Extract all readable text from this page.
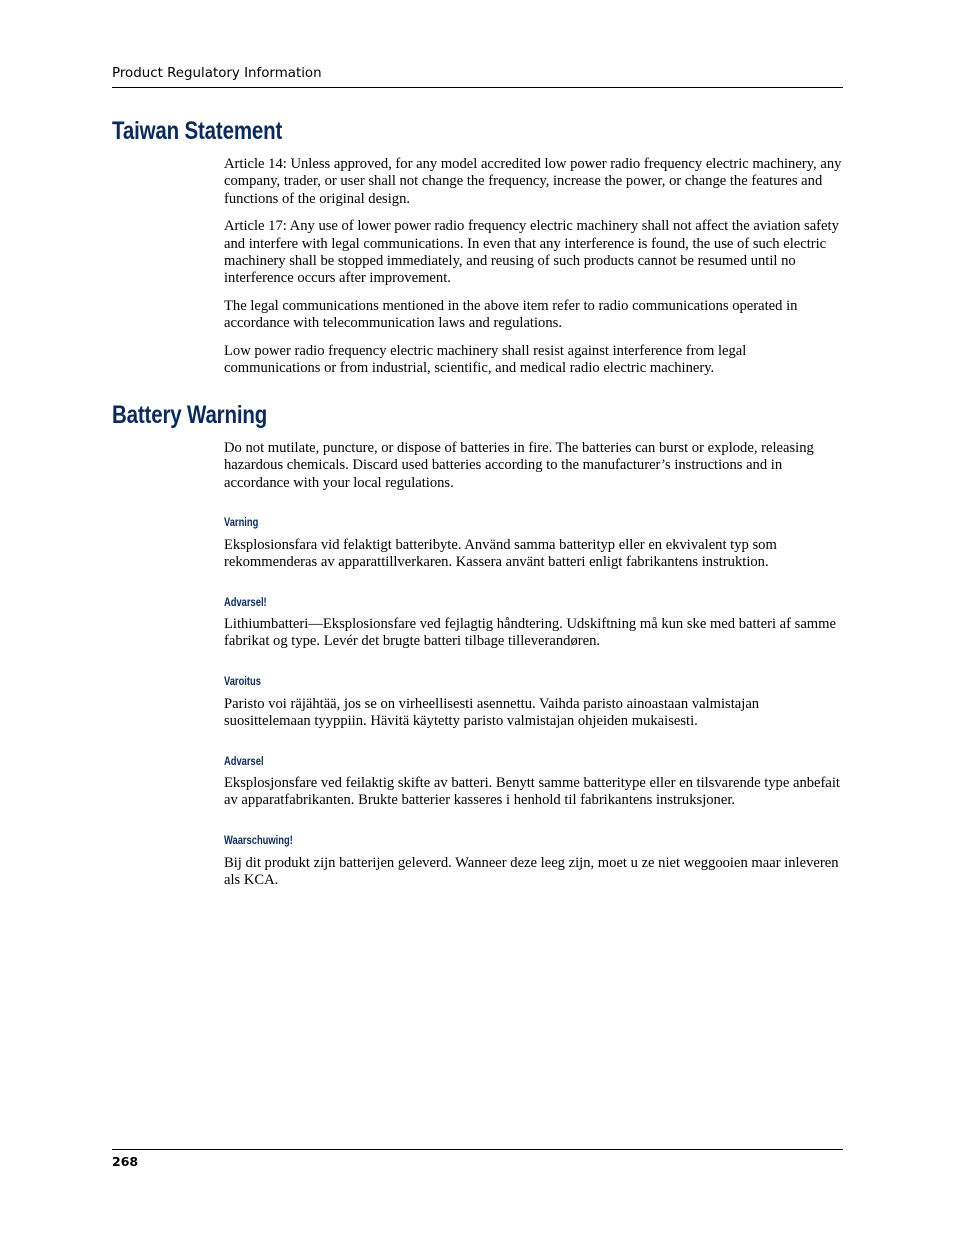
Product Regulatory Information
Taiwan Statement

Article 14: Unless approved, for any model accredited low power radio frequency electric machinery, any company, trader, or user shall not change the frequency, increase the power, or change the features and functions of the original design.

Article 17: Any use of lower power radio frequency electric machinery shall not affect the aviation safety and interfere with legal communications. In even that any interference is found, the use of such electric machinery shall be stopped immediately, and reusing of such products cannot be resumed until no interference occurs after improvement.

The legal communications mentioned in the above item refer to radio communications operated in accordance with telecommunication laws and regulations.

Low power radio frequency electric machinery shall resist against interference from legal communications or from industrial, scientific, and medical radio electric machinery.

Battery Warning

Do not mutilate, puncture, or dispose of batteries in fire. The batteries can burst or explode, releasing hazardous chemicals. Discard used batteries according to the manufacturer’s instructions and in accordance with your local regulations.

Varning

Eksplosionsfara vid felaktigt batteribyte. Använd samma batterityp eller en ekvivalent typ som rekommenderas av apparattillverkaren. Kassera använt batteri enligt fabrikantens instruktion.

Advarsel!

Lithiumbatteri—Eksplosionsfare ved fejlagtig håndtering. Udskiftning må kun ske med batteri af samme fabrikat og type. Levér det brugte batteri tilbage tilleverandøren.

Varoitus

Paristo voi räjähtää, jos se on virheellisesti asennettu. Vaihda paristo ainoastaan valmistajan suosittelemaan tyyppiin. Hävitä käytetty paristo valmistajan ohjeiden mukaisesti.

Advarsel

Eksplosjonsfare ved feilaktig skifte av batteri. Benytt samme batteritype eller en tilsvarende type anbefait av apparatfabrikanten. Brukte batterier kasseres i henhold til fabrikantens instruksjoner.

Waarschuwing!

Bij dit produkt zijn batterijen geleverd. Wanneer deze leeg zijn, moet u ze niet weggooien maar inleveren als KCA.

268
